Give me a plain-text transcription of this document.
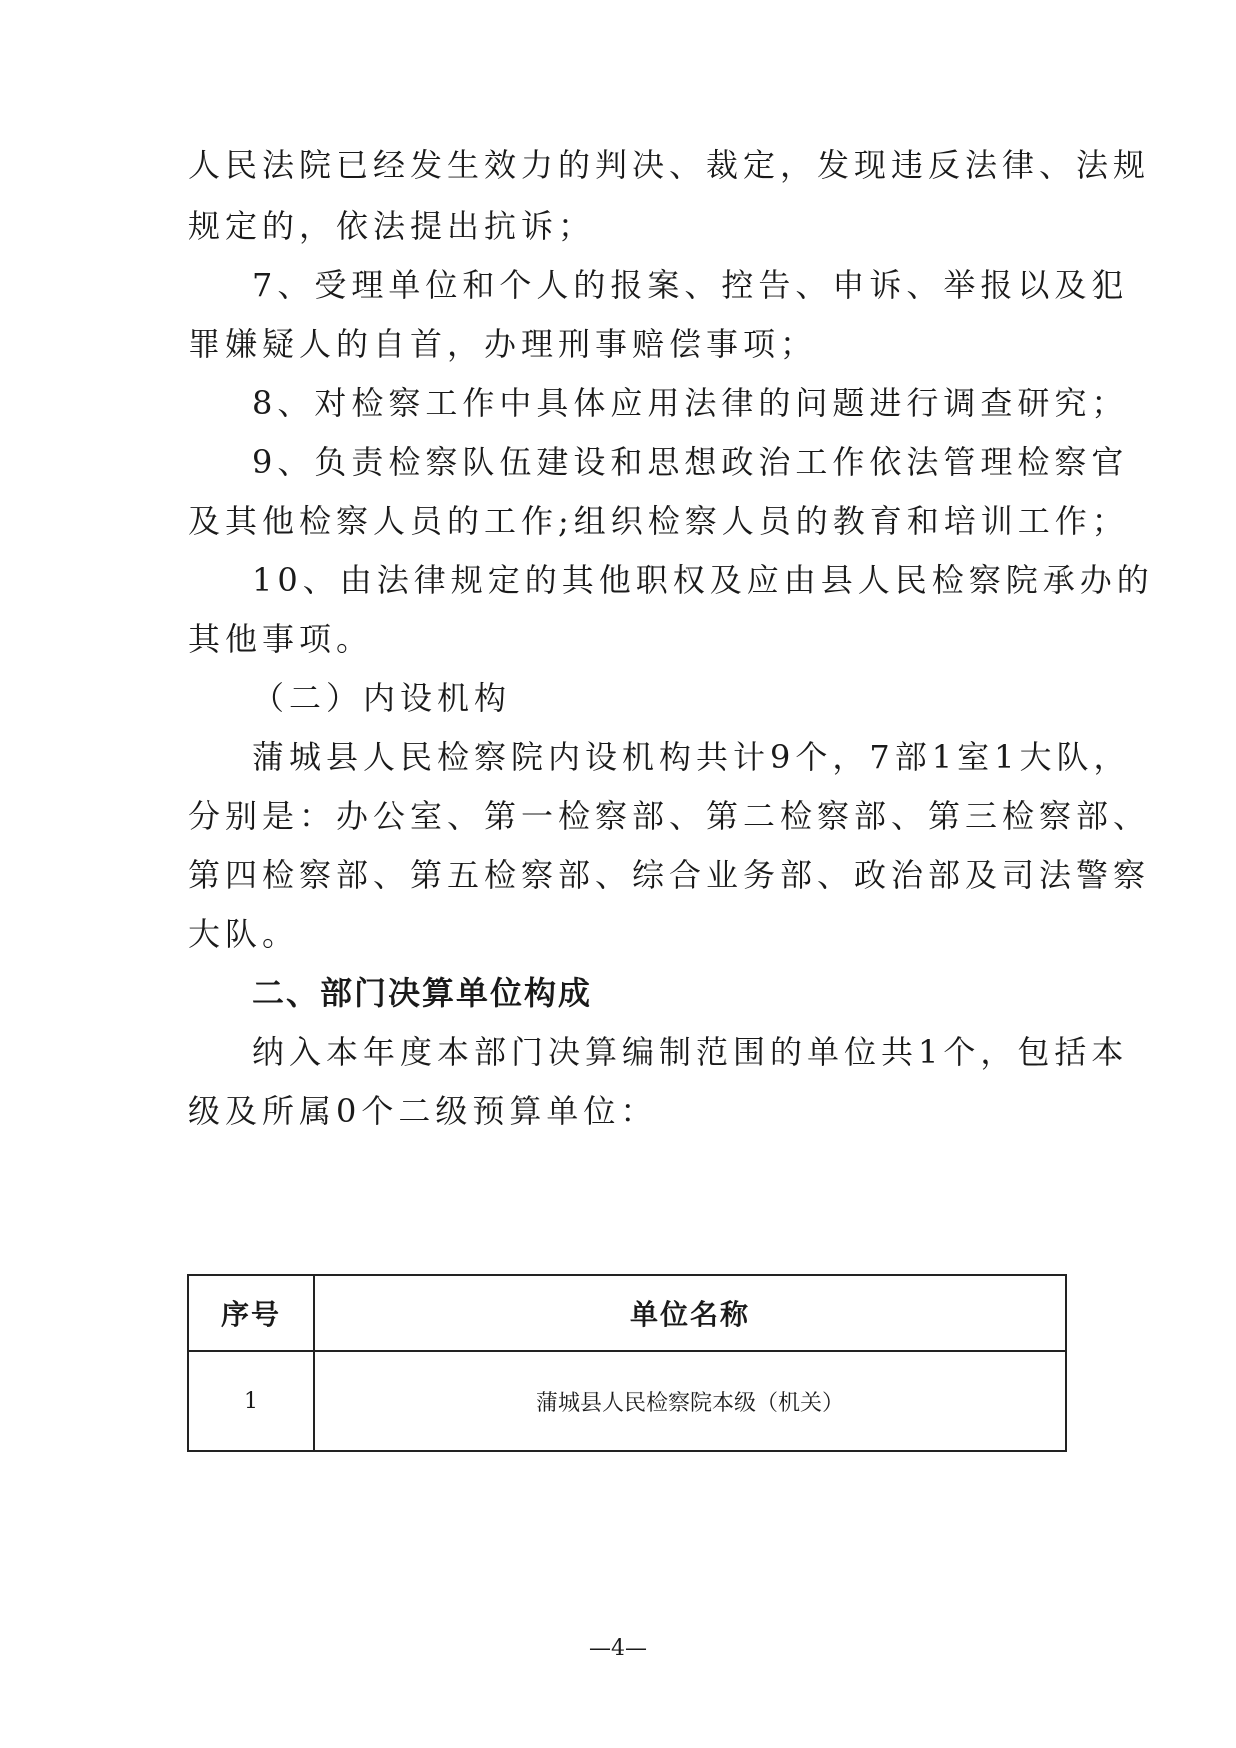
人民法院已经发生效力的判决、裁定，发现违反法律、法规
规定的，依法提出抗诉；
7、受理单位和个人的报案、控告、申诉、举报以及犯
罪嫌疑人的自首，办理刑事赔偿事项；
8、对检察工作中具体应用法律的问题进行调查研究；
9、负责检察队伍建设和思想政治工作依法管理检察官
及其他检察人员的工作;组织检察人员的教育和培训工作；
10、由法律规定的其他职权及应由县人民检察院承办的
其他事项。
（二）内设机构
蒲城县人民检察院内设机构共计9个，7部1室1大队，
分别是：办公室、第一检察部、第二检察部、第三检察部、
第四检察部、第五检察部、综合业务部、政治部及司法警察
大队。
二、部门决算单位构成
纳入本年度本部门决算编制范围的单位共1个，包括本
级及所属0个二级预算单位：
序号	单位名称
1	蒲城县人民检察院本级（机关）
—4—
